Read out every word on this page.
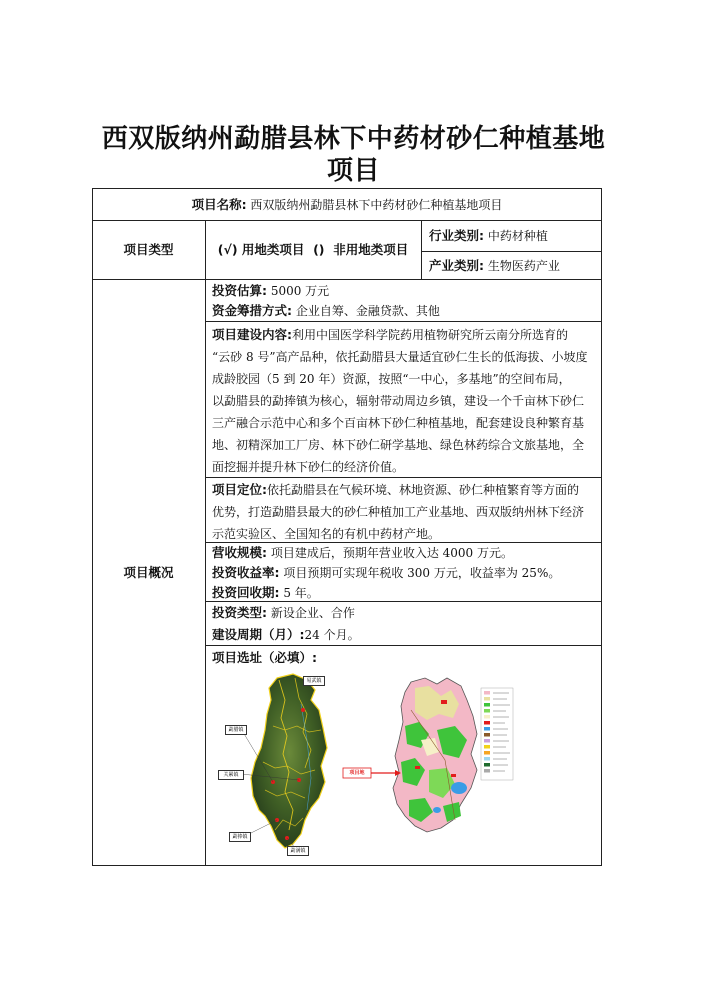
西双版纳州勐腊县林下中药材砂仁种植基地
项目
项目名称: 西双版纳州勐腊县林下中药材砂仁种植基地项目
项目类型	(√) 用地类项目  ()  非用地类项目
行业类别: 中药材种植
产业类别: 生物医药产业
项目概况
投资估算: 5000 万元
资金筹措方式: 企业自筹、金融贷款、其他
项目建设内容:利用中国医学科学院药用植物研究所云南分所选育的
“云砂 8 号”高产品种，依托勐腊县大量适宜砂仁生长的低海拔、小坡度
成龄胶园（5 到 20 年）资源，按照“一中心，多基地”的空间布局，
以勐腊县的勐捧镇为核心，辐射带动周边乡镇，建设一个千亩林下砂仁
三产融合示范中心和多个百亩林下砂仁种植基地，配套建设良种繁育基
地、初精深加工厂房、林下砂仁研学基地、绿色林药综合文旅基地，全
面挖掘并提升林下砂仁的经济价值。
项目定位:依托勐腊县在气候环境、林地资源、砂仁种植繁育等方面的
优势，打造勐腊县最大的砂仁种植加工产业基地、西双版纳州林下经济
示范实验区、全国知名的有机中药材产地。
营收规模: 项目建成后，预期年营业收入达 4000 万元。
投资收益率: 项目预期可实现年税收 300 万元，收益率为 25%。
投资回收期: 5 年。
投资类型: 新设企业、合作
建设周期（月）:24 个月。
项目选址（必填）:
勐腊镇
关累镇
勐捧镇
勐满镇
易武镇
项目地
